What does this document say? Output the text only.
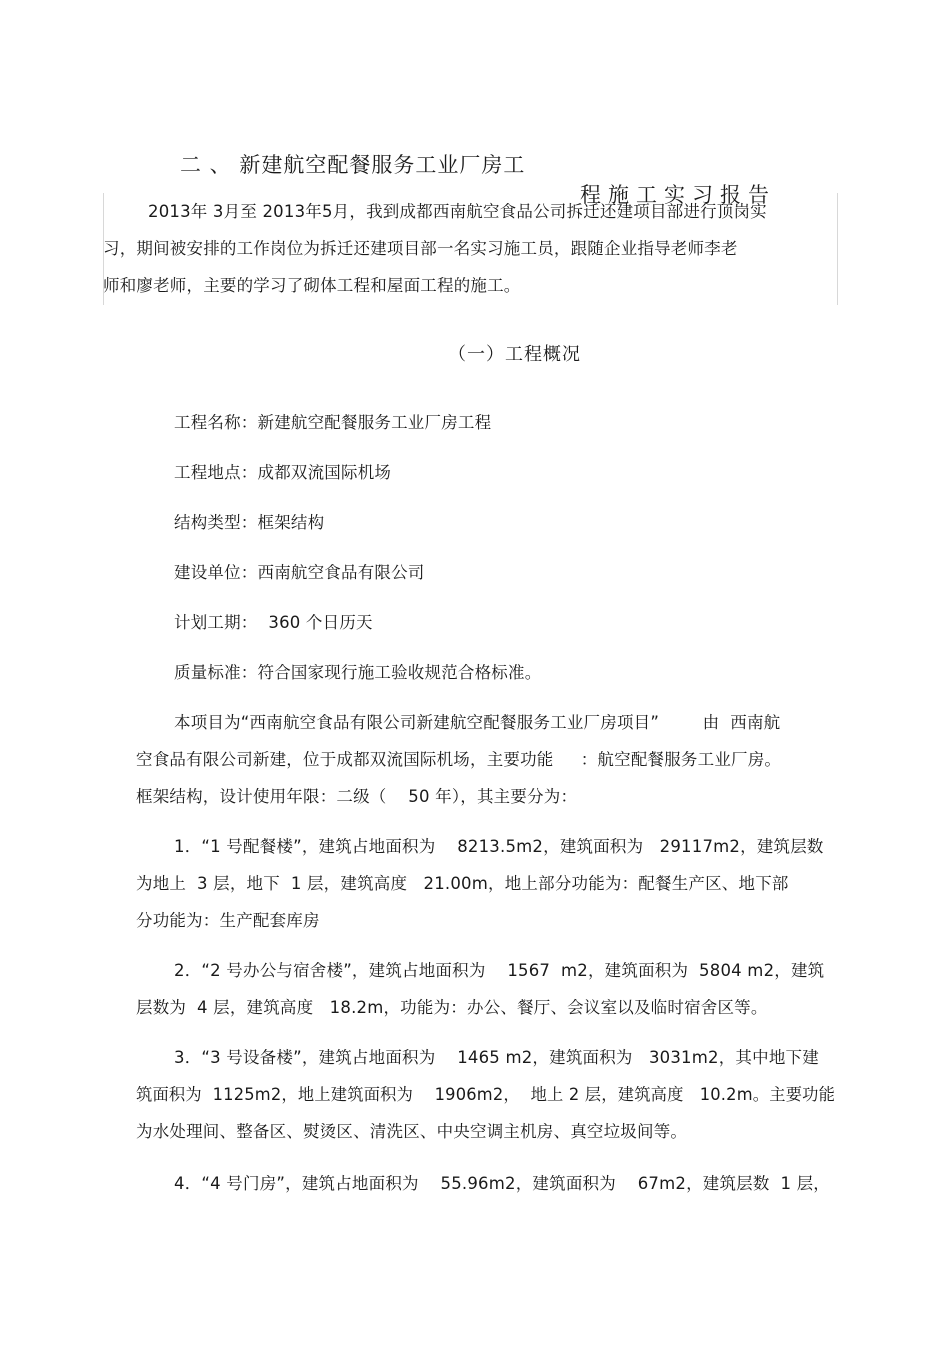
二 、 新建航空配餐服务工业厂房工

程施工实习报告

2013年 3月至 2013年5月，我到成都西南航空食品公司拆迁还建项目部进行顶岗实
习，期间被安排的工作岗位为拆迁还建项目部一名实习施工员，跟随企业指导老师李老
师和廖老师，主要的学习了砌体工程和屋面工程的施工。
（一）工程概况
工程名称：新建航空配餐服务工业厂房工程
工程地点：成都双流国际机场
结构类型：框架结构
建设单位：西南航空食品有限公司
计划工期：  360 个日历天
质量标准：符合国家现行施工验收规范合格标准。
本项目为“西南航空食品有限公司新建航空配餐服务工业厂房项目”        由  西南航
空食品有限公司新建，位于成都双流国际机场，主要功能     ：航空配餐服务工业厂房。
框架结构，设计使用年限：二级（    50 年），其主要分为：
1．“1 号配餐楼”，建筑占地面积为    8213.5m2，建筑面积为   29117m2，建筑层数
为地上  3 层，地下  1 层，建筑高度   21.00m，地上部分功能为：配餐生产区、地下部
分功能为：生产配套库房
2．“2 号办公与宿舍楼”，建筑占地面积为    1567  m2，建筑面积为  5804 m2，建筑
层数为  4 层，建筑高度   18.2m，功能为：办公、餐厅、会议室以及临时宿舍区等。
3．“3 号设备楼”，建筑占地面积为    1465 m2，建筑面积为   3031m2，其中地下建
筑面积为  1125m2，地上建筑面积为    1906m2，  地上 2 层，建筑高度   10.2m。主要功能
为水处理间、整备区、熨烫区、清洗区、中央空调主机房、真空垃圾间等。
4．“4 号门房”，建筑占地面积为    55.96m2，建筑面积为    67m2，建筑层数  1 层，
